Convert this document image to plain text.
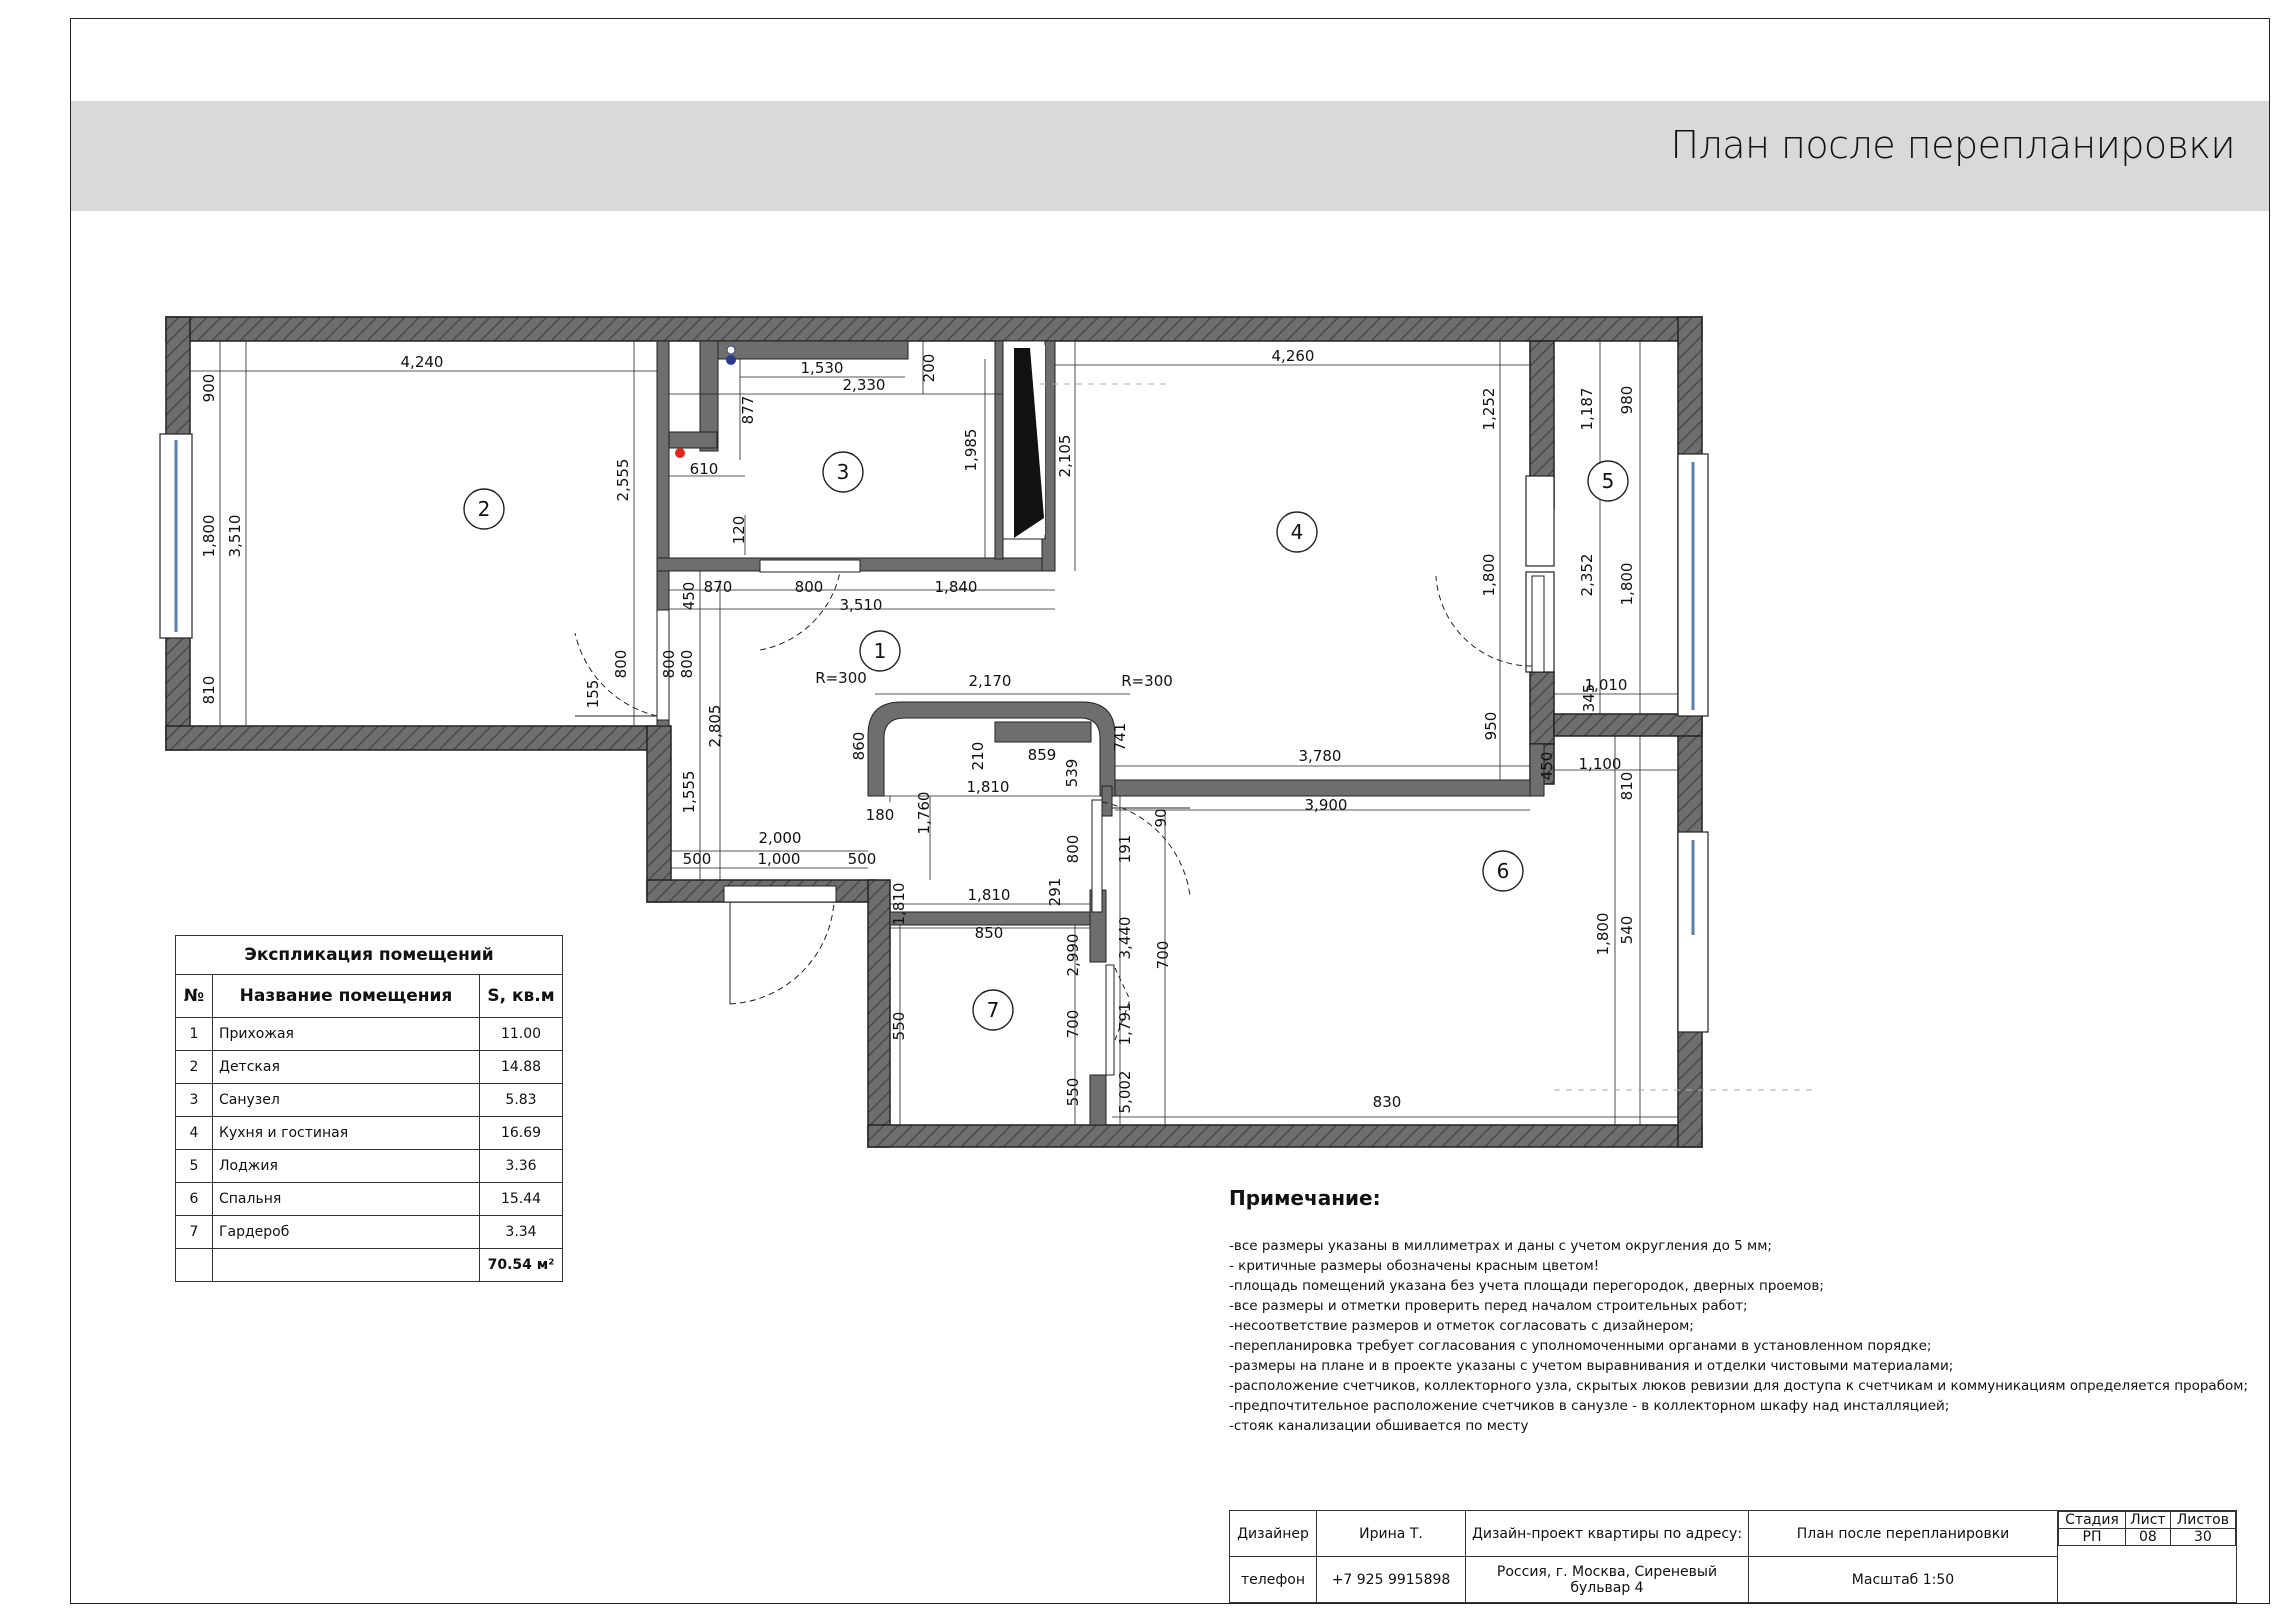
План после перепланировки
1
2
3
4
5
6
7
4,240
900
1,800 3,510
810
2,555
800
155
1,530
2,330
200
877
610	1,985
120
2,105
4,260
1,252	1,187 980
1,800	2,352 1,800
345
1,010
450 870	800	1,840
3,510
800
2,805
R=300	2,170	R=300
860	210	859
741
3,780
950
539
1,810
180 1,760
1,555
450 1,100
810
90
3,900
2,000
500	1,000	500
800
800 191
291
1,810	1,810
850	3,440	1,800 540
2,990	700
700 1,791
550
550 5,002	830
Экспликация помещений		
№	Название помещения	S, кв.м
1	Прихожая	11.00
2	Детская	14.88
3	Санузел	5.83
4	Кухня и гостиная	16.69
5	Лоджия	3.36
6	Спальня	15.44
7	Гардероб	3.34
		70.54 м²
Примечание:
-все размеры указаны в миллиметрах и даны с учетом округления до 5 мм;
- критичные размеры обозначены красным цветом!
-площадь помещений указана без учета площади перегородок, дверных проемов;
-все размеры и отметки проверить перед началом строительных работ;
-несоответствие размеров и отметок согласовать с дизайнером;
-перепланировка требует согласования с уполномоченными органами в установленном порядке;
-размеры на плане и в проекте указаны с учетом выравнивания и отделки чистовыми материалами;
-расположение счетчиков, коллекторного узла, скрытых люков ревизии для доступа к счетчикам и коммуникациям определяется прорабом;
-предпочтительное расположение счетчиков в санузле - в коллекторном шкафу над инсталляцией;
-стояк канализации обшивается по месту
Дизайнер	Ирина Т.	Дизайн-проект квартиры по адресу:	План после перепланировки	
Стадия	Лист	Листов
РП	08	30

телефон	+7 925 9915898	Россия, г. Москва, Сиреневый бульвар 4	Масштаб 1:50
